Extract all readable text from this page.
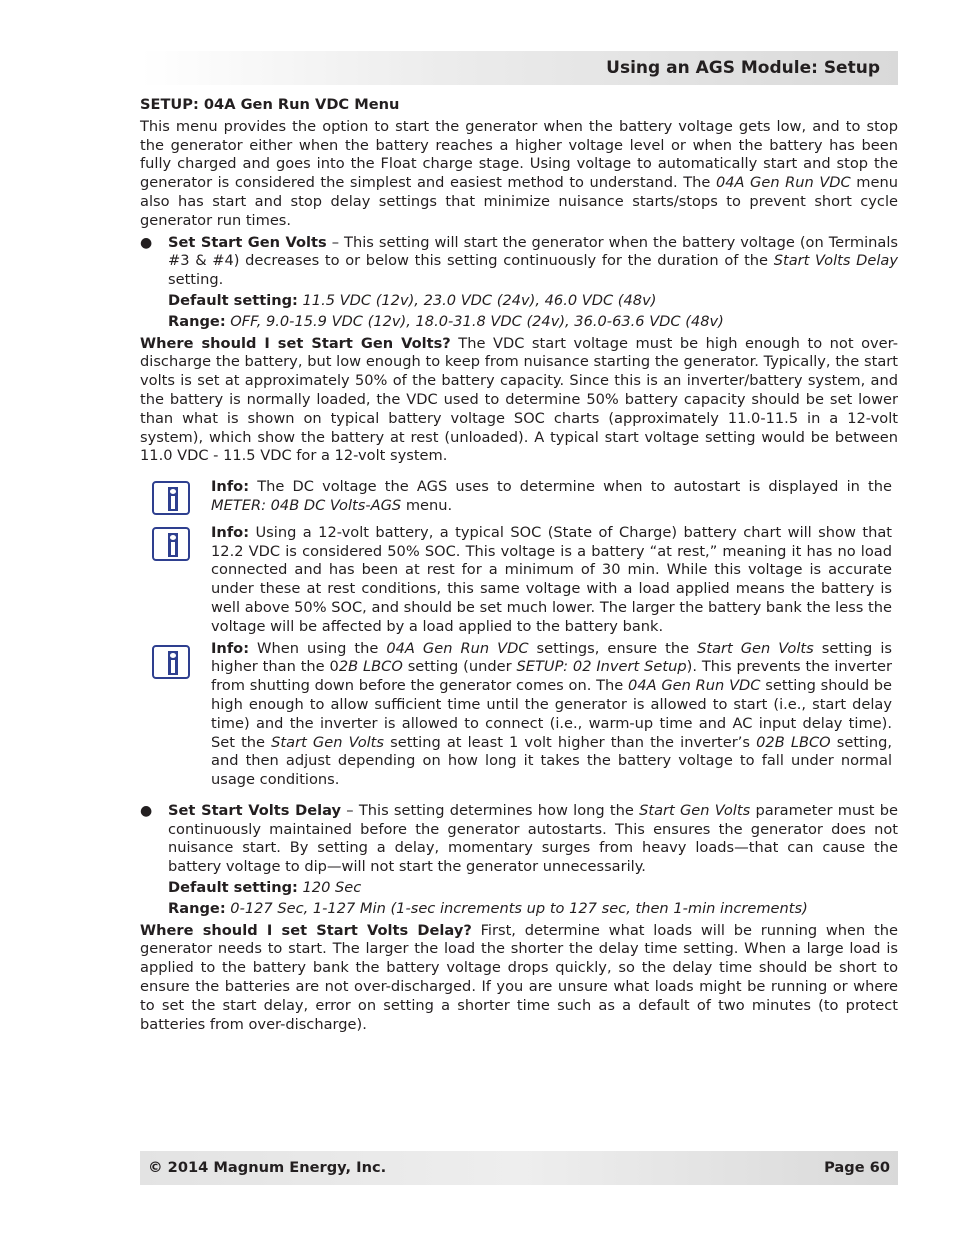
Using an AGS Module: Setup

SETUP: 04A Gen Run VDC Menu

This menu provides the option to start the generator when the battery voltage gets low, and to stop the generator either when the battery reaches a higher voltage level or when the battery has been fully charged and goes into the Float charge stage. Using voltage to automatically start and stop the generator is considered the simplest and easiest method to understand. The 04A Gen Run VDC menu also has start and stop delay settings that minimize nuisance starts/stops to prevent short cycle generator run times.

● Set Start Gen Volts – This setting will start the generator when the battery voltage (on Terminals #3 & #4) decreases to or below this setting continuously for the duration of the Start Volts Delay setting.

Default setting: 11.5 VDC (12v), 23.0 VDC (24v), 46.0 VDC (48v)

Range: OFF, 9.0-15.9 VDC (12v), 18.0-31.8 VDC (24v), 36.0-63.6 VDC (48v)

Where should I set Start Gen Volts? The VDC start voltage must be high enough to not over-discharge the battery, but low enough to keep from nuisance starting the generator. Typically, the start volts is set at approximately 50% of the battery capacity. Since this is an inverter/battery system, and the battery is normally loaded, the VDC used to determine 50% battery capacity should be set lower than what is shown on typical battery voltage SOC charts (approximately 11.0-11.5 in a 12-volt system), which show the battery at rest (unloaded). A typical start voltage setting would be between 11.0 VDC - 11.5 VDC for a 12-volt system.

Info: The DC voltage the AGS uses to determine when to autostart is displayed in the METER: 04B DC Volts-AGS menu.

Info: Using a 12-volt battery, a typical SOC (State of Charge) battery chart will show that 12.2 VDC is considered 50% SOC. This voltage is a battery “at rest,” meaning it has no load connected and has been at rest for a minimum of 30 min. While this voltage is accurate under these at rest conditions, this same voltage with a load applied means the battery is well above 50% SOC, and should be set much lower. The larger the battery bank the less the voltage will be affected by a load applied to the battery bank.

Info: When using the 04A Gen Run VDC settings, ensure the Start Gen Volts setting is higher than the 02B LBCO setting (under SETUP: 02 Invert Setup). This prevents the inverter from shutting down before the generator comes on. The 04A Gen Run VDC setting should be high enough to allow sufficient time until the generator is allowed to start (i.e., start delay time) and the inverter is allowed to connect (i.e., warm-up time and AC input delay time). Set the Start Gen Volts setting at least 1 volt higher than the inverter’s 02B LBCO setting, and then adjust depending on how long it takes the battery voltage to fall under normal usage conditions.

● Set Start Volts Delay – This setting determines how long the Start Gen Volts parameter must be continuously maintained before the generator autostarts. This ensures the generator does not nuisance start. By setting a delay, momentary surges from heavy loads—that can cause the battery voltage to dip—will not start the generator unnecessarily.

Default setting: 120 Sec

Range: 0-127 Sec, 1-127 Min (1-sec increments up to 127 sec, then 1-min increments)

Where should I set Start Volts Delay? First, determine what loads will be running when the generator needs to start. The larger the load the shorter the delay time setting. When a large load is applied to the battery bank the battery voltage drops quickly, so the delay time should be short to ensure the batteries are not over-discharged. If you are unsure what loads might be running or where to set the start delay, error on setting a shorter time such as a default of two minutes (to protect batteries from over-discharge).

© 2014 Magnum Energy, Inc.	Page 60
